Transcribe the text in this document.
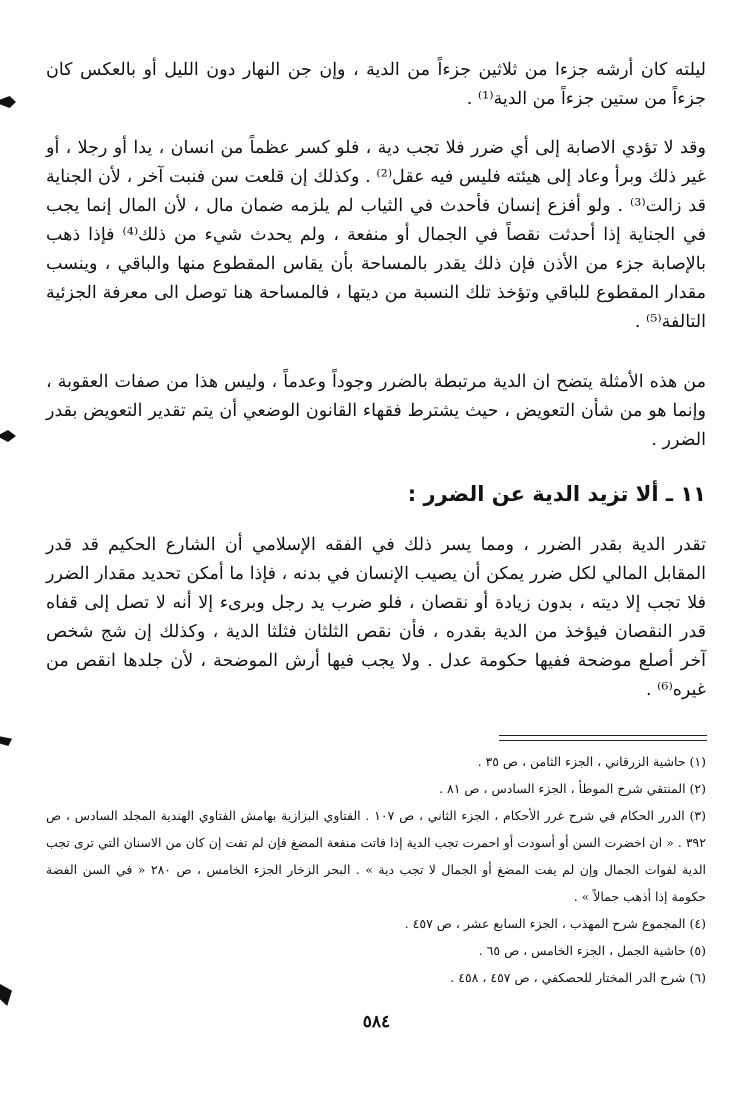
ليلته كان أرشه جزءا من ثلاثين جزءاً من الدية ، وإن جن النهار دون الليل أو بالعكس كان جزءاً من ستين جزءاً من الدية⁽¹⁾ .

وقد لا تؤدي الاصابة إلى أي ضرر فلا تجب دية ، فلو كسر عظماً من انسان ، يدا أو رجلا ، أو غير ذلك وبرأ وعاد إلى هيئته فليس فيه عقل⁽²⁾ . وكذلك إن قلعت سن فنبت آخر ، لأن الجناية قد زالت⁽³⁾ . ولو أفزع إنسان فأحدث في الثياب لم يلزمه ضمان مال ، لأن المال إنما يجب في الجناية إذا أحدثت نقصاً في الجمال أو منفعة ، ولم يحدث شيء من ذلك⁽⁴⁾ فإذا ذهب بالإصابة جزء من الأذن فإن ذلك يقدر بالمساحة بأن يقاس المقطوع منها والباقي ، وينسب مقدار المقطوع للباقي وتؤخذ تلك النسبة من ديتها ، فالمساحة هنا توصل الى معرفة الجزئية التالفة⁽⁵⁾ .

من هذه الأمثلة يتضح ان الدية مرتبطة بالضرر وجوداً وعدماً ، وليس هذا من صفات العقوبة ، وإنما هو من شأن التعويض ، حيث يشترط فقهاء القانون الوضعي أن يتم تقدير التعويض بقدر الضرر .

١١ ـ ألا تزيد الدية عن الضرر :

تقدر الدية بقدر الضرر ، ومما يسر ذلك في الفقه الإسلامي أن الشارع الحكيم قد قدر المقابل المالي لكل ضرر يمكن أن يصيب الإنسان في بدنه ، فإذا ما أمكن تحديد مقدار الضرر فلا تجب إلا ديته ، بدون زيادة أو نقصان ، فلو ضرب يد رجل وبرىء إلا أنه لا تصل إلى قفاه قدر النقصان فيؤخذ من الدية بقدره ، فأن نقص الثلثان فثلثا الدية ، وكذلك إن شج شخص آخر أصلع موضحة ففيها حكومة عدل . ولا يجب فيها أرش الموضحة ، لأن جلدها انقص من غيره⁽⁶⁾ .

(١) حاشية الزرقاني ، الجزء الثامن ، ص ٣٥ .
(٢) المنتقي شرح الموطأ ، الجزء السادس ، ص ٨١ .
(٣) الدرر الحكام في شرح غرر الأحكام ، الجزء الثاني ، ص ١٠٧ . الفتاوي البزازية بهامش الفتاوي الهندية المجلد السادس ، ص ٣٩٢ . « ان اخضرت السن أو أسودت أو احمرت تجب الدية إذا فاتت منفعة المضغ فإن لم تفت إن كان من الاسنان التي ترى تجب الدية لفوات الجمال وإن لم يفت المضغ أو الجمال لا تجب دية » . البحر الزخار الجزء الخامس ، ص ٢٨٠ « في السن الفضة حكومة إذا أذهب جمالاً » .
(٤) المجموع شرح المهذب ، الجزء السابع عشر ، ص ٤٥٧ .
(٥) حاشية الجمل ، الجزء الخامس ، ص ٦٥ .
(٦) شرح الدر المختار للحصكفي ، ص ٤٥٧ ، ٤٥٨ .
٥٨٤
